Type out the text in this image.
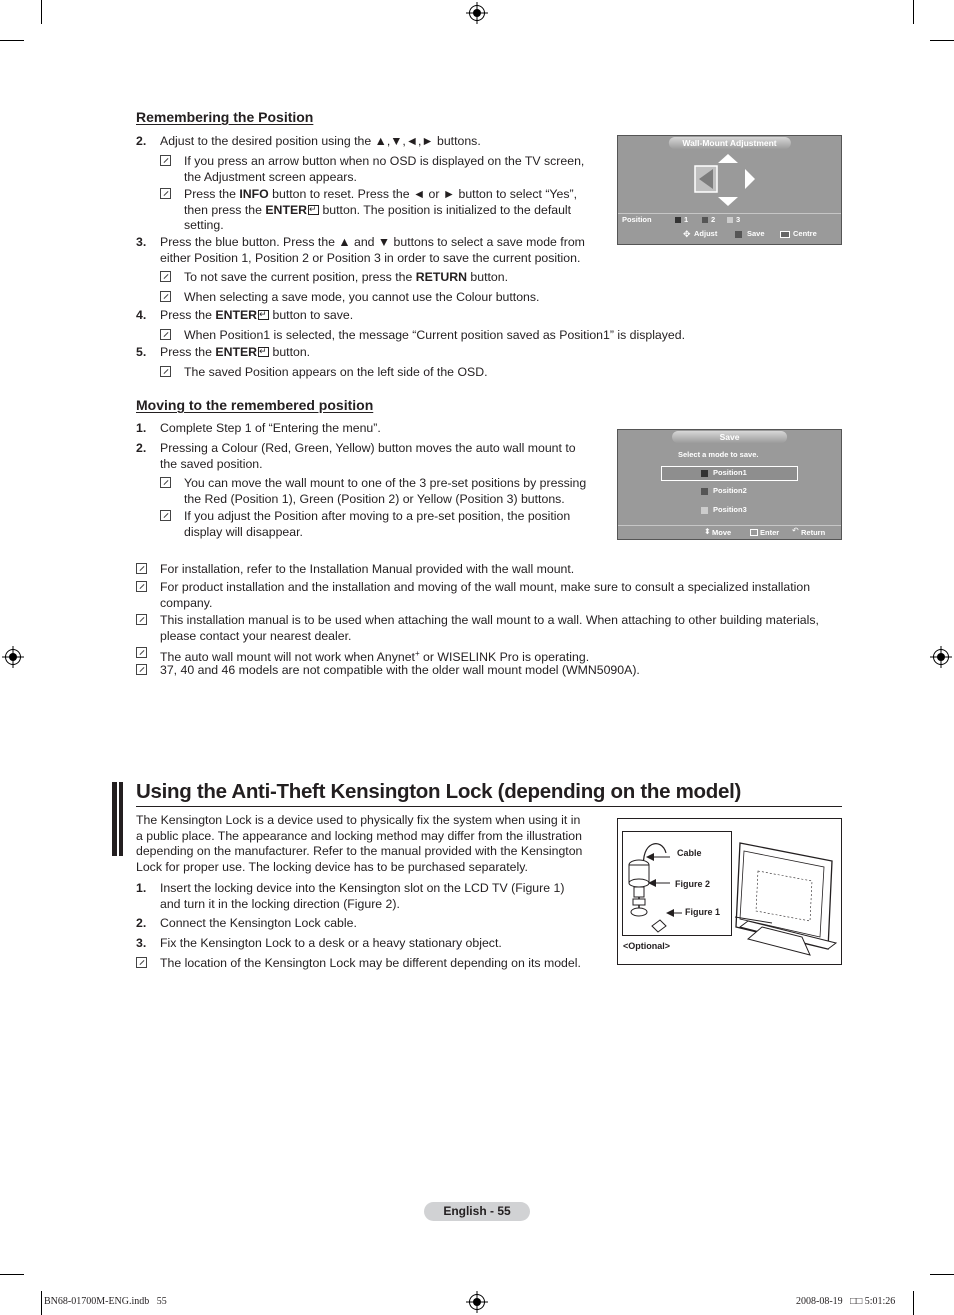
Remembering the Position
2. Adjust to the desired position using the ▲,▼,◄,► buttons.
If you press an arrow button when no OSD is displayed on the TV screen, the Adjustment screen appears.
Press the INFO button to reset. Press the ◄ or ► button to select “Yes”, then press the ENTER↵ button. The position is initialized to the default setting.
3. Press the blue button. Press the ▲ and ▼ buttons to select a save mode from either Position 1, Position 2 or Position 3 in order to save the current position.
To not save the current position, press the RETURN button.
When selecting a save mode, you cannot use the Colour buttons.
4. Press the ENTER↵ button to save.
When Position1 is selected, the message “Current position saved as Position1” is displayed.
5. Press the ENTER↵ button.
The saved Position appears on the left side of the OSD.
Wall-Mount Adjustment
Position	1	2	3
✥ Adjust	Save	Centre
Moving to the remembered position
1. Complete Step 1 of “Entering the menu”.
2. Pressing a Colour (Red, Green, Yellow) button moves the auto wall mount to the saved position.
You can move the wall mount to one of the 3 pre-set positions by pressing the Red (Position 1), Green (Position 2) or Yellow (Position 3) buttons.
If you adjust the Position after moving to a pre-set position, the position display will disappear.
Save
Select a mode to save.
Position1
Position2
Position3
⬍ Move	Enter ↶ Return
For installation, refer to the Installation Manual provided with the wall mount.
For product installation and the installation and moving of the wall mount, make sure to consult a specialized installation company.
This installation manual is to be used when attaching the wall mount to a wall. When attaching to other building materials, please contact your nearest dealer.
The auto wall mount will not work when Anynet+ or WISELINK Pro is operating.
37, 40 and 46 models are not compatible with the older wall mount model (WMN5090A).
Using the Anti-Theft Kensington Lock (depending on the model)
The Kensington Lock is a device used to physically fix the system when using it in a public place. The appearance and locking method may differ from the illustration depending on the manufacturer. Refer to the manual provided with the Kensington Lock for proper use. The locking device has to be purchased separately.
1. Insert the locking device into the Kensington slot on the LCD TV (Figure 1) and turn it in the locking direction (Figure 2).
2. Connect the Kensington Lock cable.
3. Fix the Kensington Lock to a desk or a heavy stationary object.
The location of the Kensington Lock may be different depending on its model.
Cable
Figure 2
Figure 1
<Optional>
English - 55
BN68-01700M-ENG.indb   55	2008-08-19   □□ 5:01:26
